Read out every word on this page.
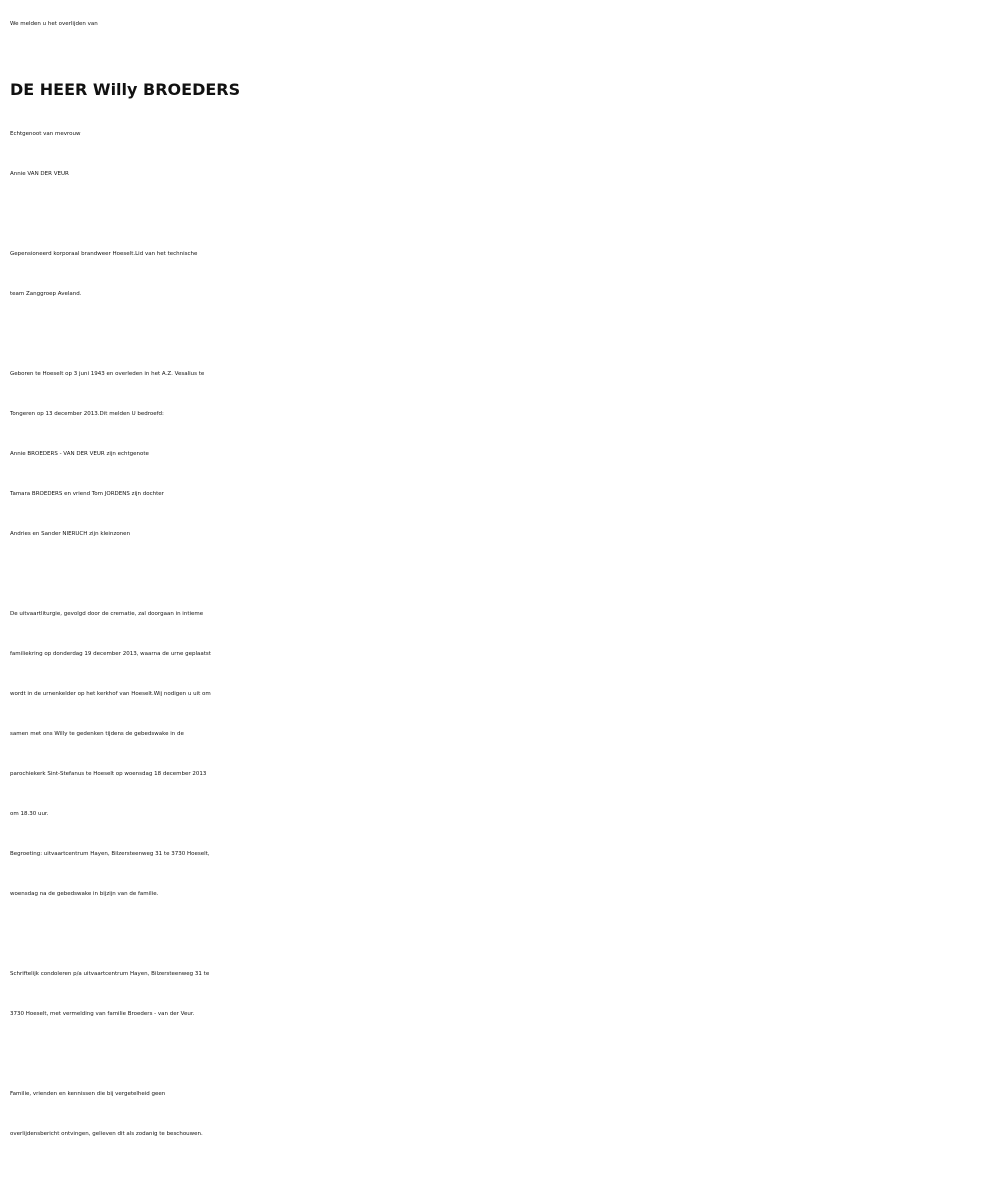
We melden u het overlijden van
DE HEER Willy BROEDERS
Echtgenoot van mevrouw
Annie VAN DER VEUR
Gepensioneerd korporaal brandweer Hoeselt.Lid van het technische
team Zanggroep Aveland.
Geboren te Hoeselt op 3 juni 1943 en overleden in het A.Z. Vesalius te
Tongeren op 13 december 2013.Dit melden U bedroefd:
Annie BROEDERS - VAN DER VEUR zijn echtgenote
Tamara BROEDERS en vriend Tom JORDENS zijn dochter
Andries en Sander NIERUCH zijn kleinzonen
De uitvaartliturgie, gevolgd door de crematie, zal doorgaan in intieme
familiekring op donderdag 19 december 2013, waarna de urne geplaatst
wordt in de urnenkelder op het kerkhof van Hoeselt.Wij nodigen u uit om
samen met ons Willy te gedenken tijdens de gebedswake in de
parochiekerk Sint-Stefanus te Hoeselt op woensdag 18 december 2013
om 18.30 uur.
Begroeting: uitvaartcentrum Hayen, Bilzersteenweg 31 te 3730 Hoeselt,
woensdag na de gebedswake in bijzijn van de familie.
Schriftelijk condoleren p/a uitvaartcentrum Hayen, Bilzersteenweg 31 te
3730 Hoeselt, met vermelding van familie Broeders - van der Veur.
Familie, vrienden en kennissen die bij vergetelheid geen
overlijdensbericht ontvingen, gelieven dit als zodanig te beschouwen.
